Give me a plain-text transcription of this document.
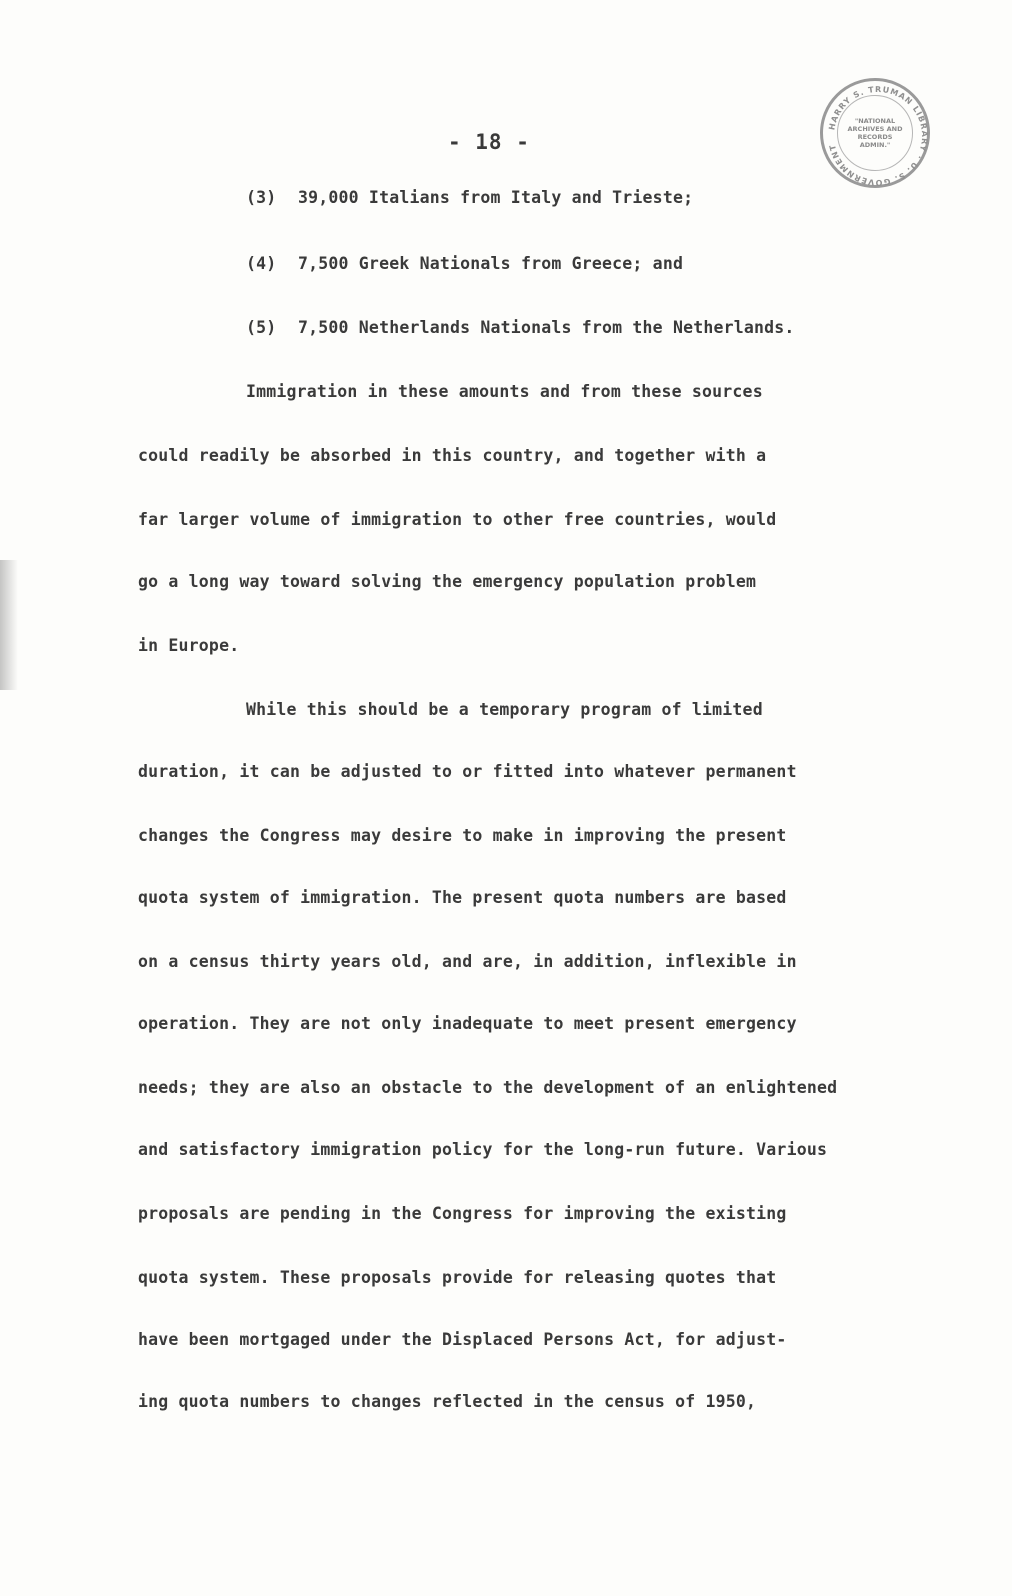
HARRY S. TRUMAN LIBRARY · U. S. GOVERNMENT
"NATIONAL
ARCHIVES AND
RECORDS
ADMIN."
- 18 -
(3) 39,000 Italians from Italy and Trieste;
(4) 7,500 Greek Nationals from Greece; and
(5) 7,500 Netherlands Nationals from the Netherlands.
Immigration in these amounts and from these sources
could readily be absorbed in this country, and together with a
far larger volume of immigration to other free countries, would
go a long way toward solving the emergency population problem
in Europe.
While this should be a temporary program of limited
duration, it can be adjusted to or fitted into whatever permanent
changes the Congress may desire to make in improving the present
quota system of immigration. The present quota numbers are based
on a census thirty years old, and are, in addition, inflexible in
operation. They are not only inadequate to meet present emergency
needs; they are also an obstacle to the development of an enlightened
and satisfactory immigration policy for the long-run future. Various
proposals are pending in the Congress for improving the existing
quota system. These proposals provide for releasing quotes that
have been mortgaged under the Displaced Persons Act, for adjust-
ing quota numbers to changes reflected in the census of 1950,
